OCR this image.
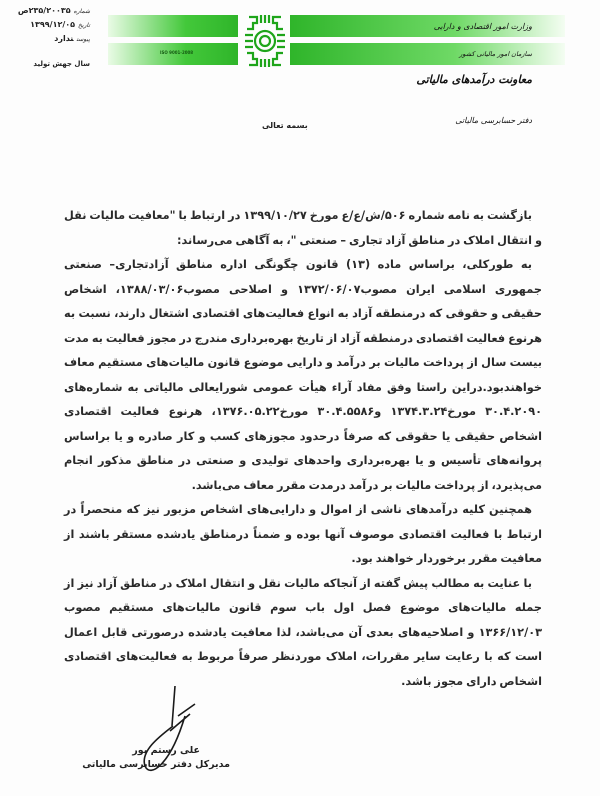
ISO 9001-2008
وزارت امور اقتصادی و دارایی
سازمان امور مالیاتی کشور
معاونت درآمدهای مالیاتی
دفتر حسابرسی مالیاتی
شماره۲۳۵/۲۰۰۳۵ص
تاریخ۱۳۹۹/۱۲/۰۵
پیوستندارد
سال جهش تولید
بسمه تعالی

بازگشت به نامه شماره ۵۰۶/ش/ع/ع مورخ ۱۳۹۹/۱۰/۲۷ در ارتباط با "معافیت مالیات نقل و انتقال املاک در مناطق آزاد تجاری – صنعتی "، به آگاهی می‌رساند:

به طورکلی، براساس ماده (۱۳) قانون چگونگی اداره مناطق آزادتجاری– صنعتی جمهوری اسلامی ایران مصوب۱۳۷۲/۰۶/۰۷ و اصلاحی مصوب۱۳۸۸/۰۳/۰۶، اشخاص حقیقی و حقوقی که درمنطقه آزاد به انواع فعالیت‌های اقتصادی اشتغال دارند، نسبت به هرنوع فعالیت اقتصادی درمنطقه آزاد از تاریخ بهره‌برداری مندرج در مجوز فعالیت به مدت بیست سال از پرداخت مالیات بر درآمد و دارایی موضوع قانون مالیات‌های مستقیم معاف خواهندبود.دراین راستا وفق مفاد آراء هیأت عمومی شورایعالی مالیاتی به شماره‌های ۳۰.۴.۲۰۹۰ مورخ۱۳۷۴.۳.۲۴ و۳۰.۴.۵۵۸۶ مورخ۱۳۷۶.۰۵.۲۲، هرنوع فعالیت اقتصادی اشخاص حقیقی یا حقوقی که صرفاً درحدود مجوزهای کسب و کار صادره و یا براساس پروانه‌های تأسیس و یا بهره‌برداری واحدهای تولیدی و صنعتی در مناطق مذکور انجام می‌پذیرد، از پرداخت مالیات بر درآمد درمدت مقرر معاف می‌باشد.

همچنین کلیه درآمدهای ناشی از اموال و دارایی‌های اشخاص مزبور نیز که منحصراً در ارتباط با فعالیت اقتصادی موصوف آنها بوده و ضمناً درمناطق یادشده مستقر باشند از معافیت مقرر برخوردار خواهند بود.

با عنایت به مطالب پیش گفته از آنجاکه مالیات نقل و انتقال املاک در مناطق آزاد نیز از جمله مالیات‌های موضوع فصل اول باب سوم قانون مالیات‌های مستقیم مصوب ۱۳۶۶/۱۲/۰۳ و اصلاحیه‌های بعدی آن می‌باشد، لذا معافیت یادشده درصورتی قابل اعمال است که با رعایت سایر مقررات، املاک موردنظر صرفاً مربوط به فعالیت‌های اقتصادی اشخاص دارای مجوز باشد.

علی رستم پور
مدیرکل دفتر حسابرسی مالیاتی
